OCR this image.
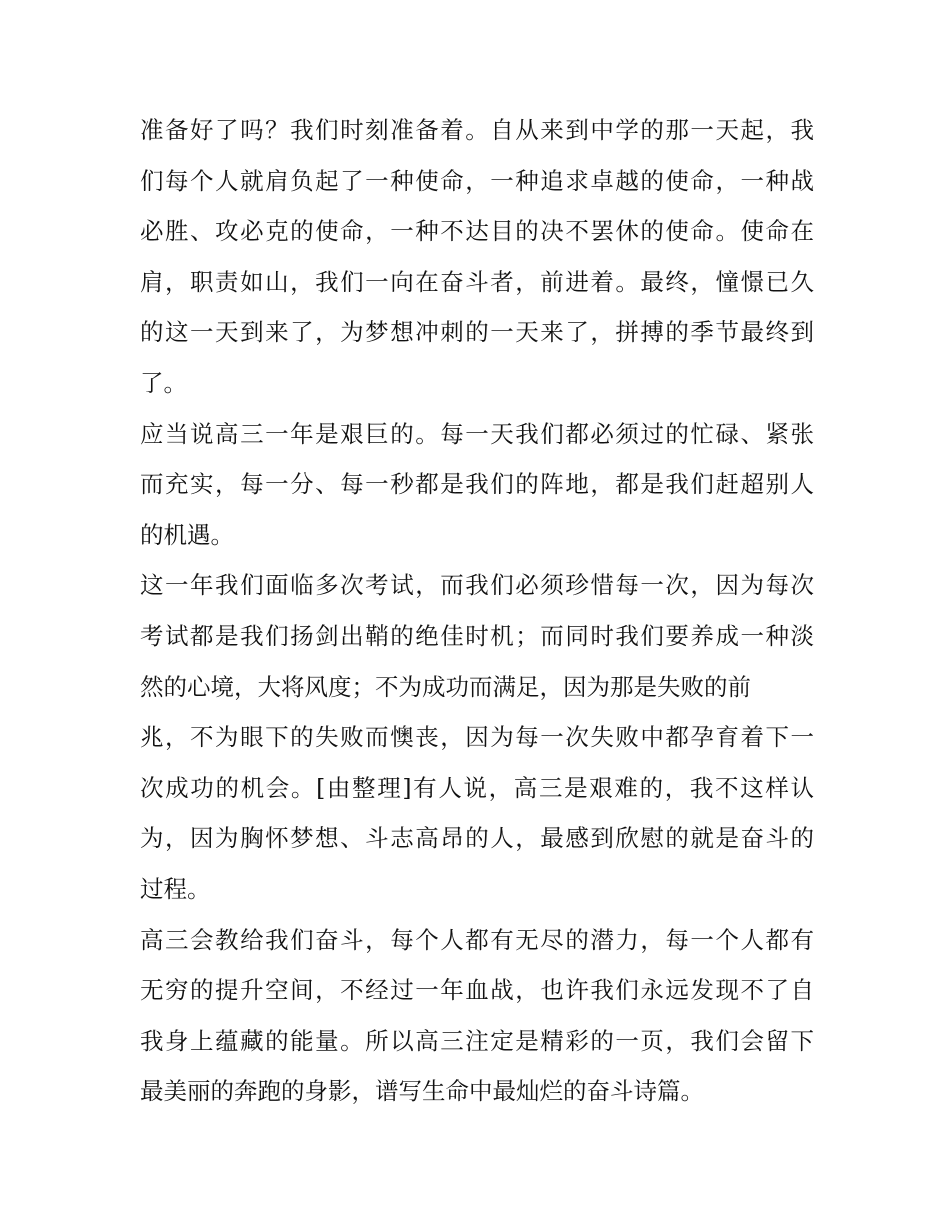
准备好了吗？我们时刻准备着。自从来到中学的那一天起，我
们每个人就肩负起了一种使命，一种追求卓越的使命，一种战
必胜、攻必克的使命，一种不达目的决不罢休的使命。使命在
肩，职责如山，我们一向在奋斗者，前进着。最终，憧憬已久
的这一天到来了，为梦想冲刺的一天来了，拼搏的季节最终到
了。
应当说高三一年是艰巨的。每一天我们都必须过的忙碌、紧张
而充实，每一分、每一秒都是我们的阵地，都是我们赶超别人
的机遇。
这一年我们面临多次考试，而我们必须珍惜每一次，因为每次
考试都是我们扬剑出鞘的绝佳时机；而同时我们要养成一种淡
然的心境，大将风度；不为成功而满足，因为那是失败的前
兆，不为眼下的失败而懊丧，因为每一次失败中都孕育着下一
次成功的机会。[由整理]有人说，高三是艰难的，我不这样认
为，因为胸怀梦想、斗志高昂的人，最感到欣慰的就是奋斗的
过程。
高三会教给我们奋斗，每个人都有无尽的潜力，每一个人都有
无穷的提升空间，不经过一年血战，也许我们永远发现不了自
我身上蕴藏的能量。所以高三注定是精彩的一页，我们会留下
最美丽的奔跑的身影，谱写生命中最灿烂的奋斗诗篇。
